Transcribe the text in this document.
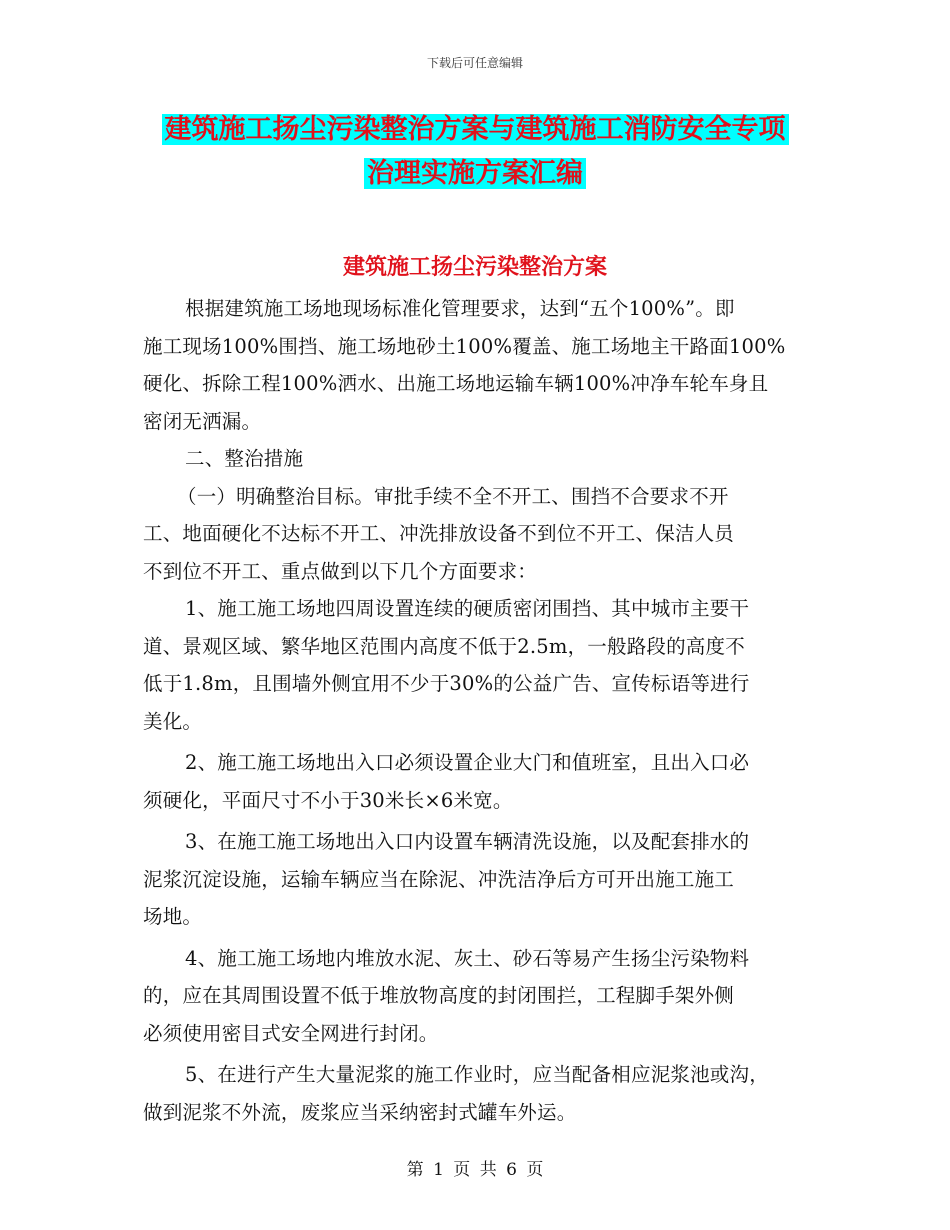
下载后可任意编辑
建筑施工扬尘污染整治方案与建筑施工消防安全专项
治理实施方案汇编
建筑施工扬尘污染整治方案
根据建筑施工场地现场标准化管理要求，达到“五个100%”。即
施工现场100%围挡、施工场地砂土100%覆盖、施工场地主干路面100%
硬化、拆除工程100%洒水、出施工场地运输车辆100%冲净车轮车身且
密闭无洒漏。
二、整治措施
（一）明确整治目标。审批手续不全不开工、围挡不合要求不开
工、地面硬化不达标不开工、冲洗排放设备不到位不开工、保洁人员
不到位不开工、重点做到以下几个方面要求：
1、施工施工场地四周设置连续的硬质密闭围挡、其中城市主要干
道、景观区域、繁华地区范围内高度不低于2.5m，一般路段的高度不
低于1.8m，且围墙外侧宜用不少于30%的公益广告、宣传标语等进行
美化。
2、施工施工场地出入口必须设置企业大门和值班室，且出入口必
须硬化，平面尺寸不小于30米长×6米宽。
3、在施工施工场地出入口内设置车辆清洗设施，以及配套排水的
泥浆沉淀设施，运输车辆应当在除泥、冲洗洁净后方可开出施工施工
场地。
4、施工施工场地内堆放水泥、灰土、砂石等易产生扬尘污染物料
的，应在其周围设置不低于堆放物高度的封闭围拦，工程脚手架外侧
必须使用密目式安全网进行封闭。
5、在进行产生大量泥浆的施工作业时，应当配备相应泥浆池或沟，
做到泥浆不外流，废浆应当采纳密封式罐车外运。
第 1 页 共 6 页
